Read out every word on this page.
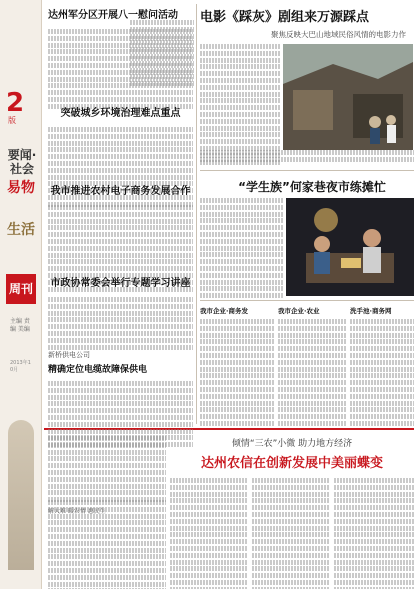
2
版
要闻·社会
易物
生活
周刊
主编 责编 美编
2013年10月
达州军分区开展八一慰问活动
突破城乡环境治理难点重点
我市推进农村电子商务发展合作
市政协常委会举行专题学习讲座
新桥供电公司
精确定位电缆故障保供电
电影《踩灰》剧组来万源踩点
聚焦反映大巴山地域民俗风情的电影力作
“学生族”何家巷夜市练摊忙
我市企业·商务发	我市企业·农业	洗手池·商务网
解大难 暖农情 惠民生
倾情“三农”小微 助力地方经济
达州农信在创新发展中美丽蝶变
